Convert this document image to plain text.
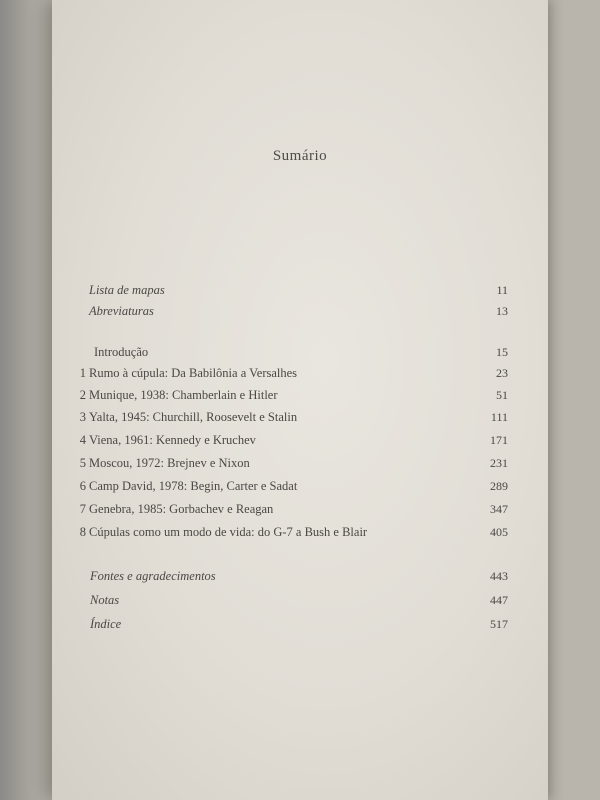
Sumário
Lista de mapas	11
Abreviaturas	13
Introdução	15
1 Rumo à cúpula: Da Babilônia a Versalhes	23
2 Munique, 1938: Chamberlain e Hitler	51
3 Yalta, 1945: Churchill, Roosevelt e Stalin	111
4 Viena, 1961: Kennedy e Kruchev	171
5 Moscou, 1972: Brejnev e Nixon	231
6 Camp David, 1978: Begin, Carter e Sadat	289
7 Genebra, 1985: Gorbachev e Reagan	347
8 Cúpulas como um modo de vida: do G-7 a Bush e Blair	405
Fontes e agradecimentos	443
Notas	447
Índice	517
